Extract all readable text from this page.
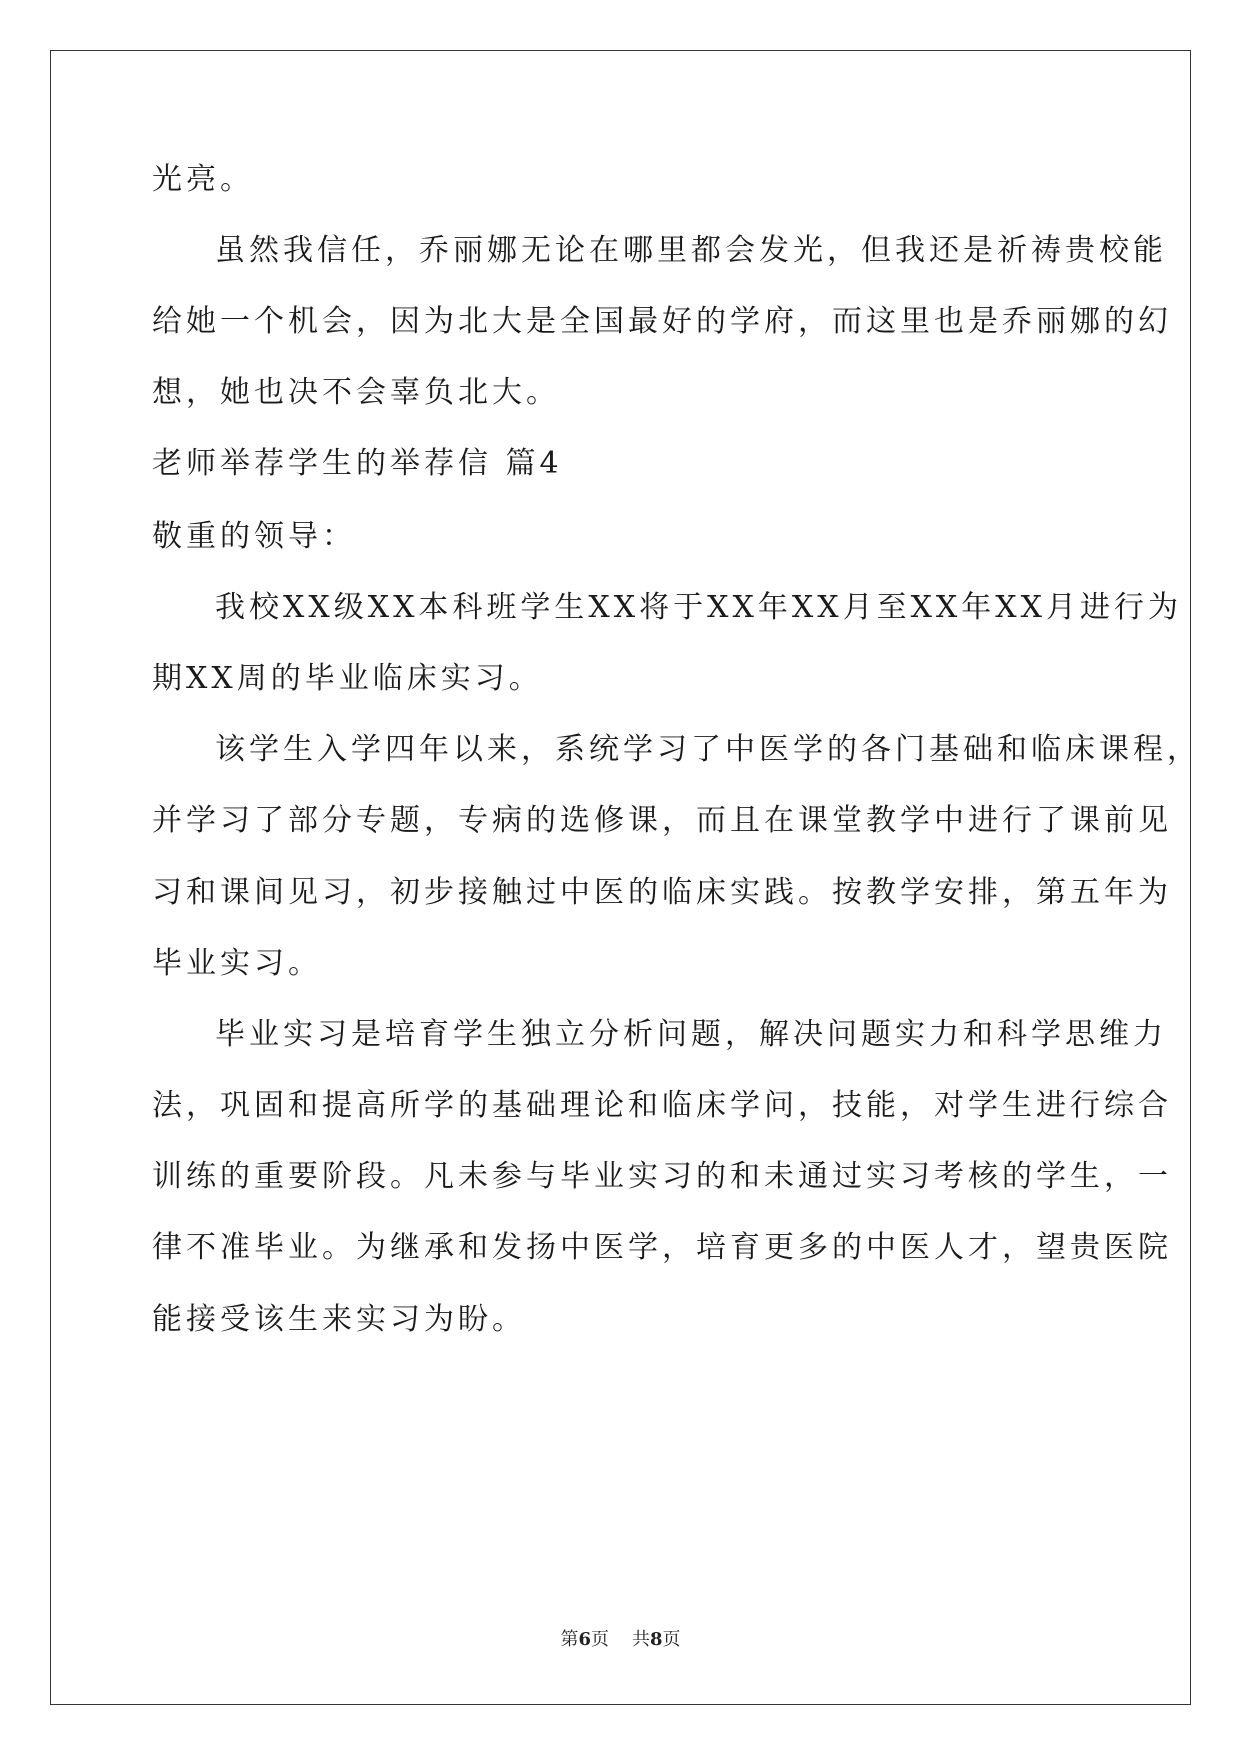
光亮。
虽然我信任，乔丽娜无论在哪里都会发光，但我还是祈祷贵校能
给她一个机会，因为北大是全国最好的学府，而这里也是乔丽娜的幻
想，她也决不会辜负北大。
老师举荐学生的举荐信 篇4
敬重的领导：
我校XX级XX本科班学生XX将于XX年XX月至XX年XX月进行为
期XX周的毕业临床实习。
该学生入学四年以来，系统学习了中医学的各门基础和临床课程，
并学习了部分专题，专病的选修课，而且在课堂教学中进行了课前见
习和课间见习，初步接触过中医的临床实践。按教学安排，第五年为
毕业实习。
毕业实习是培育学生独立分析问题，解决问题实力和科学思维力
法，巩固和提高所学的基础理论和临床学问，技能，对学生进行综合
训练的重要阶段。凡未参与毕业实习的和未通过实习考核的学生，一
律不准毕业。为继承和发扬中医学，培育更多的中医人才，望贵医院
能接受该生来实习为盼。
第6页 共8页
